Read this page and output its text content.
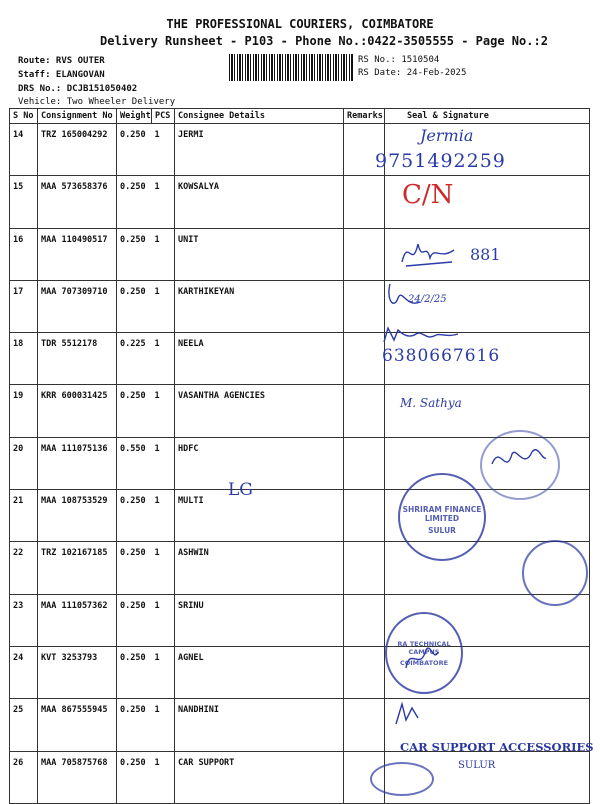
THE PROFESSIONAL COURIERS, COIMBATORE
Delivery Runsheet - P103 - Phone No.:0422-3505555 - Page No.:2
Route: RVS OUTER
Staff: ELANGOVAN
DRS No.: DCJB151050402
Vehicle: Two Wheeler Delivery
RS No.: 1510504
RS Date: 24-Feb-2025
S No	Consignment No	Weight	PCS	Consignee Details	Remarks	Seal & Signature
14	TRZ 165004292	0.250	1	JERMI		
15	MAA 573658376	0.250	1	KOWSALYA		
16	MAA 110490517	0.250	1	UNIT		
17	MAA 707309710	0.250	1	KARTHIKEYAN		
18	TDR 5512178	0.225	1	NEELA		
19	KRR 600031425	0.250	1	VASANTHA AGENCIES		
20	MAA 111075136	0.550	1	HDFC		
21	MAA 108753529	0.250	1	MULTI		
22	TRZ 102167185	0.250	1	ASHWIN		
23	MAA 111057362	0.250	1	SRINU		
24	KVT 3253793	0.250	1	AGNEL		
25	MAA 867555945	0.250	1	NANDHINI		
26	MAA 705875768	0.250	1	CAR SUPPORT		
Jermia
9751492259
C/N
881
24/2/25
6380667616
M. Sathya
LG
SHRIRAM FINANCE LIMITED
SULUR
RA TECHNICAL CAMPUS
COIMBATORE
CAR SUPPORT ACCESSORIES
SULUR
